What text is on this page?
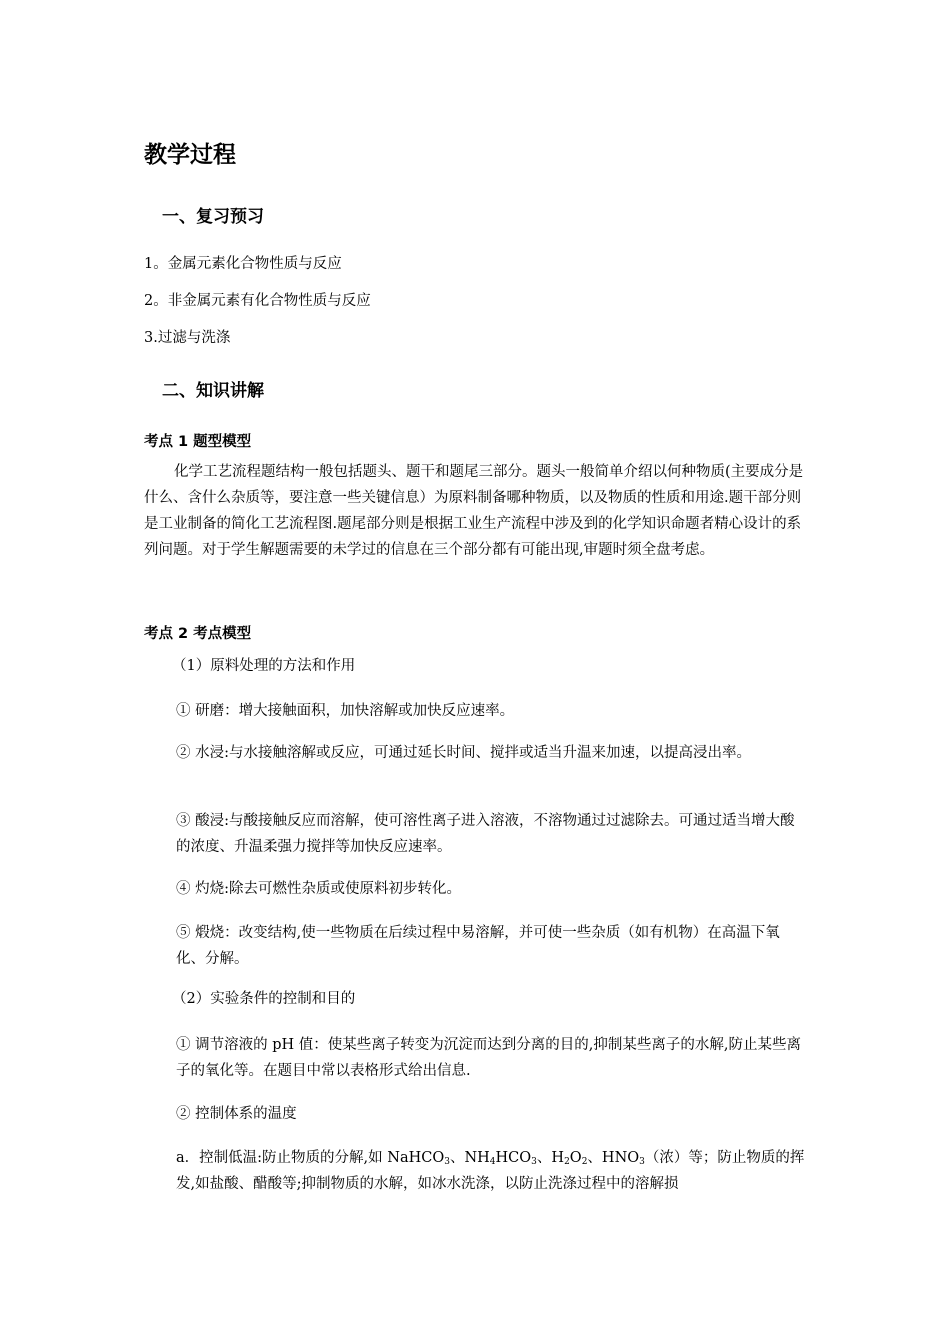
教学过程
一、复习预习
1。金属元素化合物性质与反应
2。非金属元素有化合物性质与反应
3.过滤与洗涤
二、知识讲解
考点 1 题型模型
化学工艺流程题结构一般包括题头、题干和题尾三部分。题头一般简单介绍以何种物质(主要成分是什么、含什么杂质等，要注意一些关键信息）为原料制备哪种物质，以及物质的性质和用途.题干部分则是工业制备的简化工艺流程图.题尾部分则是根据工业生产流程中涉及到的化学知识命题者精心设计的系列问题。对于学生解题需要的未学过的信息在三个部分都有可能出现,审题时须全盘考虑。
考点 2 考点模型
（1）原料处理的方法和作用
① 研磨：增大接触面积，加快溶解或加快反应速率。
② 水浸:与水接触溶解或反应，可通过延长时间、搅拌或适当升温来加速，以提高浸出率。
③ 酸浸:与酸接触反应而溶解，使可溶性离子进入溶液，不溶物通过过滤除去。可通过适当增大酸的浓度、升温柔强力搅拌等加快反应速率。
④ 灼烧:除去可燃性杂质或使原料初步转化。
⑤ 煅烧：改变结构,使一些物质在后续过程中易溶解，并可使一些杂质（如有机物）在高温下氧化、分解。
（2）实验条件的控制和目的
① 调节溶液的 pH 值：使某些离子转变为沉淀而达到分离的目的,抑制某些离子的水解,防止某些离子的氧化等。在题目中常以表格形式给出信息.
② 控制体系的温度
a．控制低温:防止物质的分解,如 NaHCO$_3$、$NH_4HCO_3$、$H_2O_2$、$HNO_3$（浓）等；防止物质的挥发,如盐酸、醋酸等;抑制物质的水解，如冰水洗涤，以防止洗涤过程中的溶解损
